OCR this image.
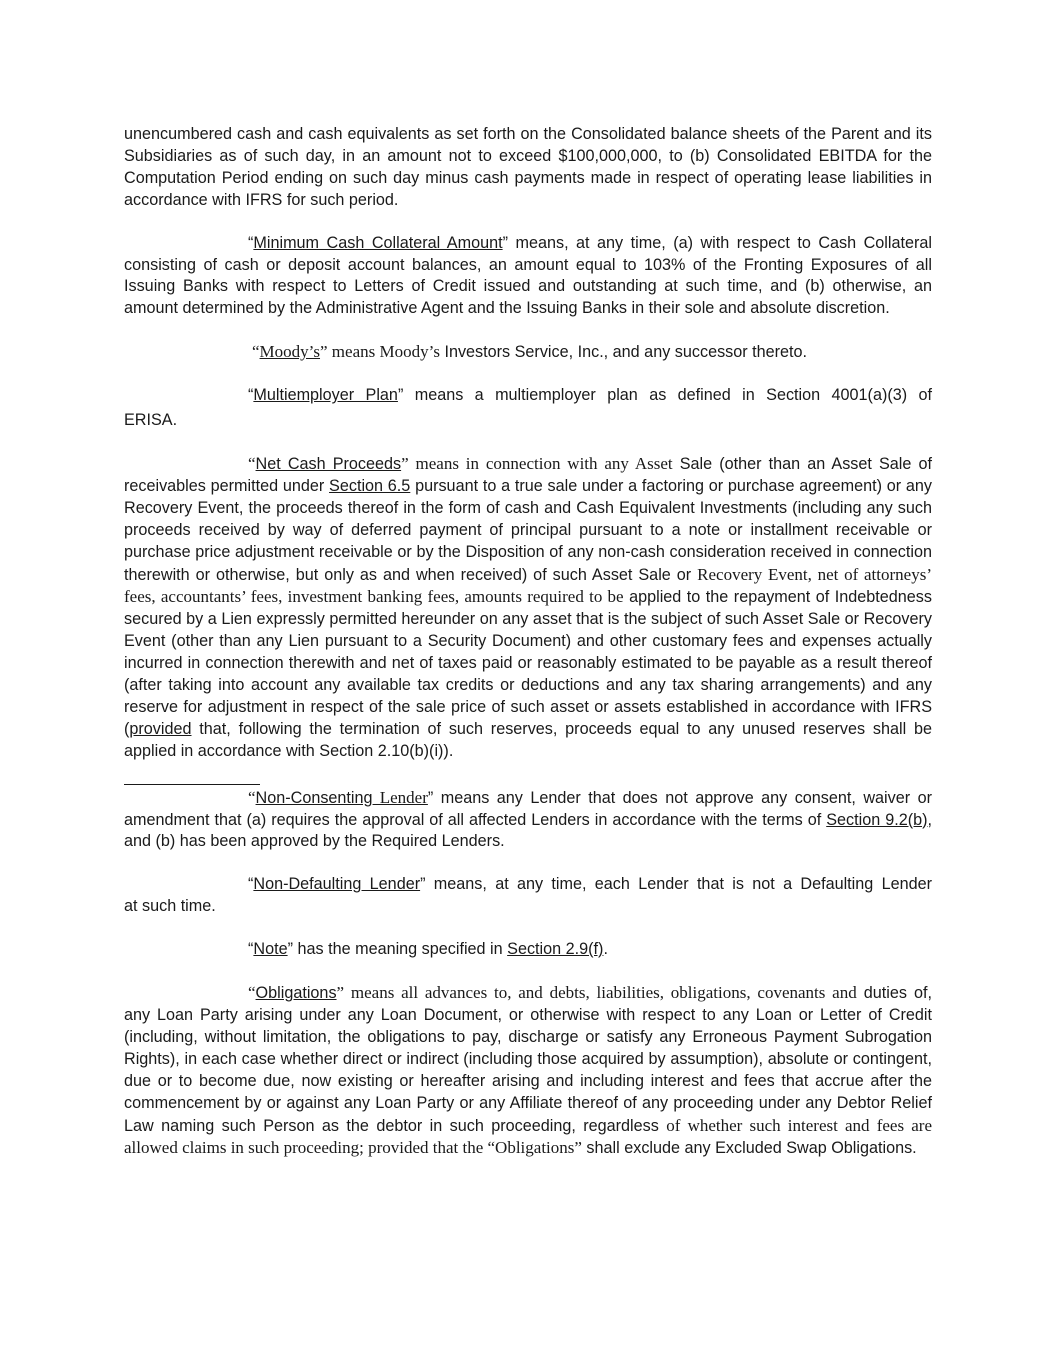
unencumbered cash and cash equivalents as set forth on the Consolidated balance sheets of the Parent and its Subsidiaries as of such day, in an amount not to exceed $100,000,000, to (b) Consolidated EBITDA for the Computation Period ending on such day minus cash payments made in respect of operating lease liabilities in accordance with IFRS for such period.

“Minimum Cash Collateral Amount” means, at any time, (a) with respect to Cash Collateral consisting of cash or deposit account balances, an amount equal to 103% of the Fronting Exposures of all Issuing Banks with respect to Letters of Credit issued and outstanding at such time, and (b) otherwise, an amount determined by the Administrative Agent and the Issuing Banks in their sole and absolute discretion.

“Moody’s” means Moody’s Investors Service, Inc., and any successor thereto.

“Multiemployer Plan” means a multiemployer plan as defined in Section 4001(a)(3) of
ERISA.

“Net Cash Proceeds” means in connection with any Asset Sale (other than an Asset Sale of receivables permitted under Section 6.5 pursuant to a true sale under a factoring or purchase agreement) or any Recovery Event, the proceeds thereof in the form of cash and Cash Equivalent Investments (including any such proceeds received by way of deferred payment of principal pursuant to a note or installment receivable or purchase price adjustment receivable or by the Disposition of any non-cash consideration received in connection therewith or otherwise, but only as and when received) of such Asset Sale or Recovery Event, net of attorneys’ fees, accountants’ fees, investment banking fees, amounts required to be applied to the repayment of Indebtedness secured by a Lien expressly permitted hereunder on any asset that is the subject of such Asset Sale or Recovery Event (other than any Lien pursuant to a Security Document) and other customary fees and expenses actually incurred in connection therewith and net of taxes paid or reasonably estimated to be payable as a result thereof (after taking into account any available tax credits or deductions and any tax sharing arrangements) and any reserve for adjustment in respect of the sale price of such asset or assets established in accordance with IFRS (provided that, following the termination of such reserves, proceeds equal to any unused reserves shall be applied in accordance with Section 2.10(b)(i)).

“Non-Consenting Lender” means any Lender that does not approve any consent, waiver or amendment that (a) requires the approval of all affected Lenders in accordance with the terms of Section 9.2(b), and (b) has been approved by the Required Lenders.

“Non-Defaulting Lender” means, at any time, each Lender that is not a Defaulting Lender
at such time.

“Note” has the meaning specified in Section 2.9(f).

“Obligations” means all advances to, and debts, liabilities, obligations, covenants and duties of, any Loan Party arising under any Loan Document, or otherwise with respect to any Loan or Letter of Credit (including, without limitation, the obligations to pay, discharge or satisfy any Erroneous Payment Subrogation Rights), in each case whether direct or indirect (including those acquired by assumption), absolute or contingent, due or to become due, now existing or hereafter arising and including interest and fees that accrue after the commencement by or against any Loan Party or any Affiliate thereof of any proceeding under any Debtor Relief Law naming such Person as the debtor in such proceeding, regardless of whether such interest and fees are allowed claims in such proceeding; provided that the “Obligations” shall exclude any Excluded Swap Obligations.
